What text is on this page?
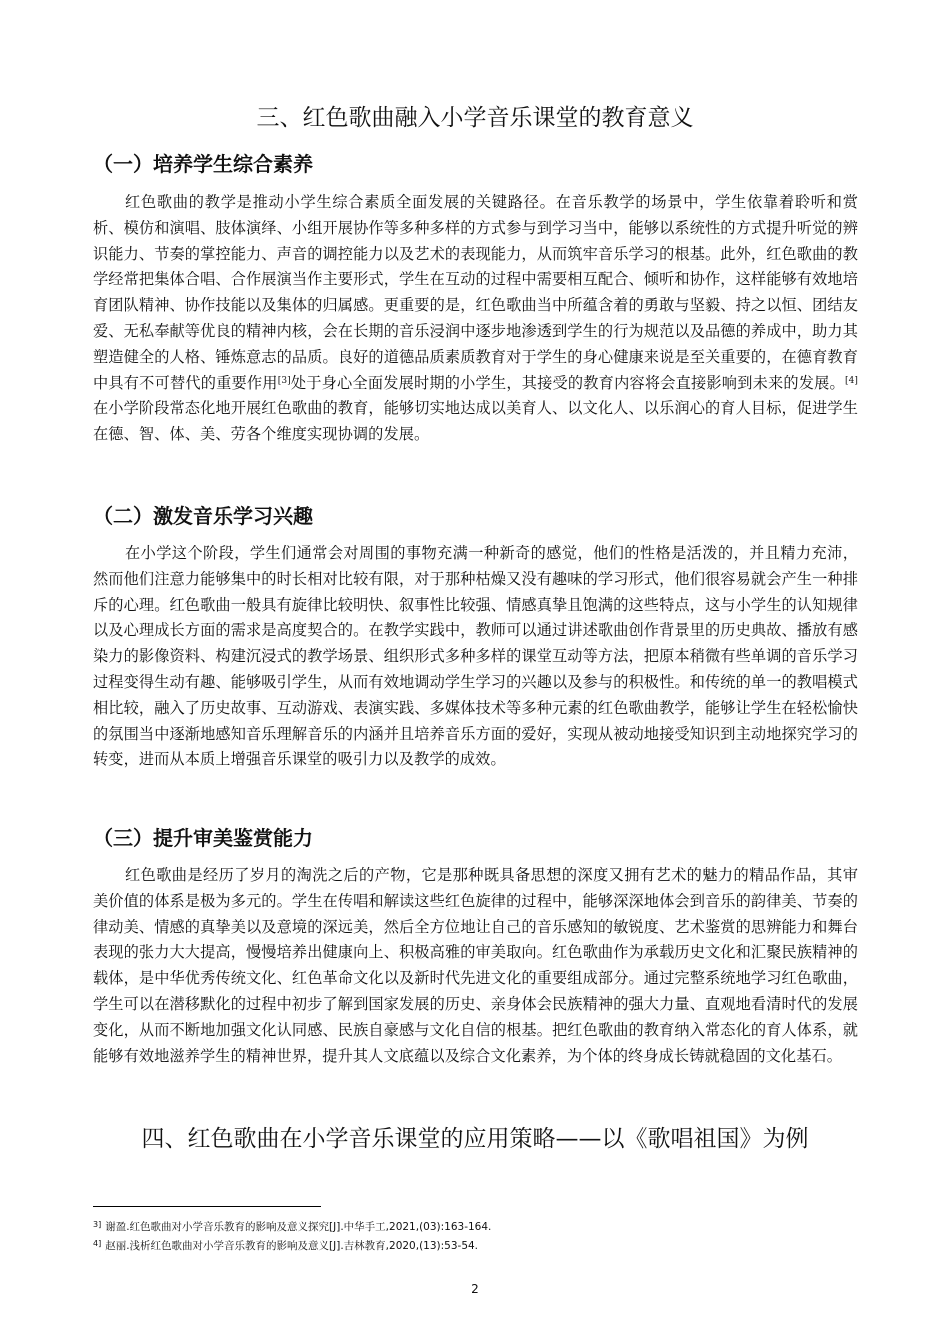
三、红色歌曲融入小学音乐课堂的教育意义
（一）培养学生综合素养

红色歌曲的教学是推动小学生综合素质全面发展的关键路径。在音乐教学的场景中，学生依靠着聆听和赏析、模仿和演唱、肢体演绎、小组开展协作等多种多样的方式参与到学习当中，能够以系统性的方式提升听觉的辨识能力、节奏的掌控能力、声音的调控能力以及艺术的表现能力，从而筑牢音乐学习的根基。此外，红色歌曲的教学经常把集体合唱、合作展演当作主要形式，学生在互动的过程中需要相互配合、倾听和协作，这样能够有效地培育团队精神、协作技能以及集体的归属感。更重要的是，红色歌曲当中所蕴含着的勇敢与坚毅、持之以恒、团结友爱、无私奉献等优良的精神内核，会在长期的音乐浸润中逐步地渗透到学生的行为规范以及品德的养成中，助力其塑造健全的人格、锤炼意志的品质。良好的道德品质素质教育对于学生的身心健康来说是至关重要的，在德育教育中具有不可替代的重要作用[3]处于身心全面发展时期的小学生，其接受的教育内容将会直接影响到未来的发展。[4]在小学阶段常态化地开展红色歌曲的教育，能够切实地达成以美育人、以文化人、以乐润心的育人目标，促进学生在德、智、体、美、劳各个维度实现协调的发展。

（二）激发音乐学习兴趣

在小学这个阶段，学生们通常会对周围的事物充满一种新奇的感觉，他们的性格是活泼的，并且精力充沛，然而他们注意力能够集中的时长相对比较有限，对于那种枯燥又没有趣味的学习形式，他们很容易就会产生一种排斥的心理。红色歌曲一般具有旋律比较明快、叙事性比较强、情感真挚且饱满的这些特点，这与小学生的认知规律以及心理成长方面的需求是高度契合的。在教学实践中，教师可以通过讲述歌曲创作背景里的历史典故、播放有感染力的影像资料、构建沉浸式的教学场景、组织形式多种多样的课堂互动等方法，把原本稍微有些单调的音乐学习过程变得生动有趣、能够吸引学生，从而有效地调动学生学习的兴趣以及参与的积极性。和传统的单一的教唱模式相比较，融入了历史故事、互动游戏、表演实践、多媒体技术等多种元素的红色歌曲教学，能够让学生在轻松愉快的氛围当中逐渐地感知音乐理解音乐的内涵并且培养音乐方面的爱好，实现从被动地接受知识到主动地探究学习的转变，进而从本质上增强音乐课堂的吸引力以及教学的成效。

（三）提升审美鉴赏能力

红色歌曲是经历了岁月的淘洗之后的产物，它是那种既具备思想的深度又拥有艺术的魅力的精品作品，其审美价值的体系是极为多元的。学生在传唱和解读这些红色旋律的过程中，能够深深地体会到音乐的韵律美、节奏的律动美、情感的真挚美以及意境的深远美，然后全方位地让自己的音乐感知的敏锐度、艺术鉴赏的思辨能力和舞台表现的张力大大提高，慢慢培养出健康向上、积极高雅的审美取向。红色歌曲作为承载历史文化和汇聚民族精神的载体，是中华优秀传统文化、红色革命文化以及新时代先进文化的重要组成部分。通过完整系统地学习红色歌曲，学生可以在潜移默化的过程中初步了解到国家发展的历史、亲身体会民族精神的强大力量、直观地看清时代的发展变化，从而不断地加强文化认同感、民族自豪感与文化自信的根基。把红色歌曲的教育纳入常态化的育人体系，就能够有效地滋养学生的精神世界，提升其人文底蕴以及综合文化素养，为个体的终身成长铸就稳固的文化基石。

四、红色歌曲在小学音乐课堂的应用策略——以《歌唱祖国》为例
$^{3]}$ 谢盈.红色歌曲对小学音乐教育的影响及意义探究[J].中华手工,2021,(03):163-164.
$^{4]}$ 赵丽.浅析红色歌曲对小学音乐教育的影响及意义[J].吉林教育,2020,(13):53-54.
2
